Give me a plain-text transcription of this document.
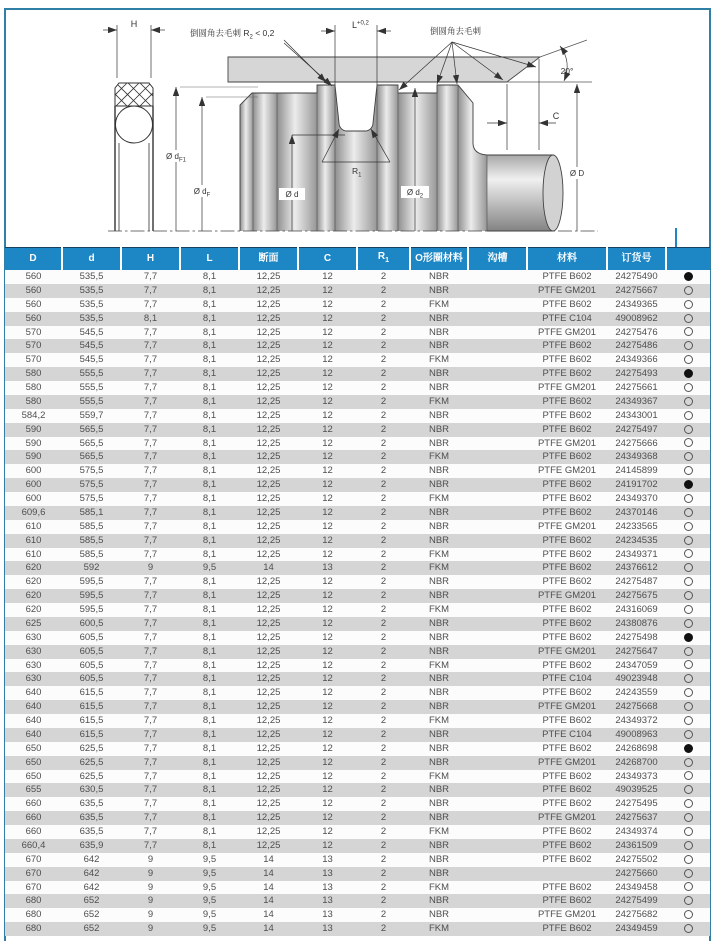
H
20°
倒圆角去毛刺 $R_2 < 0,2$	倒圆角去毛刺
$L^{+0,2}$
$R_1$
C
Ø $d_{F1}$
Ø $d_F$	Ø d	Ø $d_2$
Ø D
D	d	H	L	断面	C	$R_1$	O形圈材料	沟槽	材料	订货号	
560	535,5	7,7	8,1	12,25	12	2	NBR		PTFE B602	24275490	
560	535,5	7,7	8,1	12,25	12	2	NBR		PTFE GM201	24275667	
560	535,5	7,7	8,1	12,25	12	2	FKM		PTFE B602	24349365	
560	535,5	8,1	8,1	12,25	12	2	NBR		PTFE C104	49008962	
570	545,5	7,7	8,1	12,25	12	2	NBR		PTFE GM201	24275476	
570	545,5	7,7	8,1	12,25	12	2	NBR		PTFE B602	24275486	
570	545,5	7,7	8,1	12,25	12	2	FKM		PTFE B602	24349366	
580	555,5	7,7	8,1	12,25	12	2	NBR		PTFE B602	24275493	
580	555,5	7,7	8,1	12,25	12	2	NBR		PTFE GM201	24275661	
580	555,5	7,7	8,1	12,25	12	2	FKM		PTFE B602	24349367	
584,2	559,7	7,7	8,1	12,25	12	2	NBR		PTFE B602	24343001	
590	565,5	7,7	8,1	12,25	12	2	NBR		PTFE B602	24275497	
590	565,5	7,7	8,1	12,25	12	2	NBR		PTFE GM201	24275666	
590	565,5	7,7	8,1	12,25	12	2	FKM		PTFE B602	24349368	
600	575,5	7,7	8,1	12,25	12	2	NBR		PTFE GM201	24145899	
600	575,5	7,7	8,1	12,25	12	2	NBR		PTFE B602	24191702	
600	575,5	7,7	8,1	12,25	12	2	FKM		PTFE B602	24349370	
609,6	585,1	7,7	8,1	12,25	12	2	NBR		PTFE B602	24370146	
610	585,5	7,7	8,1	12,25	12	2	NBR		PTFE GM201	24233565	
610	585,5	7,7	8,1	12,25	12	2	NBR		PTFE B602	24234535	
610	585,5	7,7	8,1	12,25	12	2	FKM		PTFE B602	24349371	
620	592	9	9,5	14	13	2	FKM		PTFE B602	24376612	
620	595,5	7,7	8,1	12,25	12	2	NBR		PTFE B602	24275487	
620	595,5	7,7	8,1	12,25	12	2	NBR		PTFE GM201	24275675	
620	595,5	7,7	8,1	12,25	12	2	FKM		PTFE B602	24316069	
625	600,5	7,7	8,1	12,25	12	2	NBR		PTFE B602	24380876	
630	605,5	7,7	8,1	12,25	12	2	NBR		PTFE B602	24275498	
630	605,5	7,7	8,1	12,25	12	2	NBR		PTFE GM201	24275647	
630	605,5	7,7	8,1	12,25	12	2	FKM		PTFE B602	24347059	
630	605,5	7,7	8,1	12,25	12	2	NBR		PTFE C104	49023948	
640	615,5	7,7	8,1	12,25	12	2	NBR		PTFE B602	24243559	
640	615,5	7,7	8,1	12,25	12	2	NBR		PTFE GM201	24275668	
640	615,5	7,7	8,1	12,25	12	2	FKM		PTFE B602	24349372	
640	615,5	7,7	8,1	12,25	12	2	NBR		PTFE C104	49008963	
650	625,5	7,7	8,1	12,25	12	2	NBR		PTFE B602	24268698	
650	625,5	7,7	8,1	12,25	12	2	NBR		PTFE GM201	24268700	
650	625,5	7,7	8,1	12,25	12	2	FKM		PTFE B602	24349373	
655	630,5	7,7	8,1	12,25	12	2	NBR		PTFE B602	49039525	
660	635,5	7,7	8,1	12,25	12	2	NBR		PTFE B602	24275495	
660	635,5	7,7	8,1	12,25	12	2	NBR		PTFE GM201	24275637	
660	635,5	7,7	8,1	12,25	12	2	FKM		PTFE B602	24349374	
660,4	635,9	7,7	8,1	12,25	12	2	NBR		PTFE B602	24361509	
670	642	9	9,5	14	13	2	NBR		PTFE B602	24275502	
670	642	9	9,5	14	13	2	NBR			24275660	
670	642	9	9,5	14	13	2	FKM		PTFE B602	24349458	
680	652	9	9,5	14	13	2	NBR		PTFE B602	24275499	
680	652	9	9,5	14	13	2	NBR		PTFE GM201	24275682	
680	652	9	9,5	14	13	2	FKM		PTFE B602	24349459	
